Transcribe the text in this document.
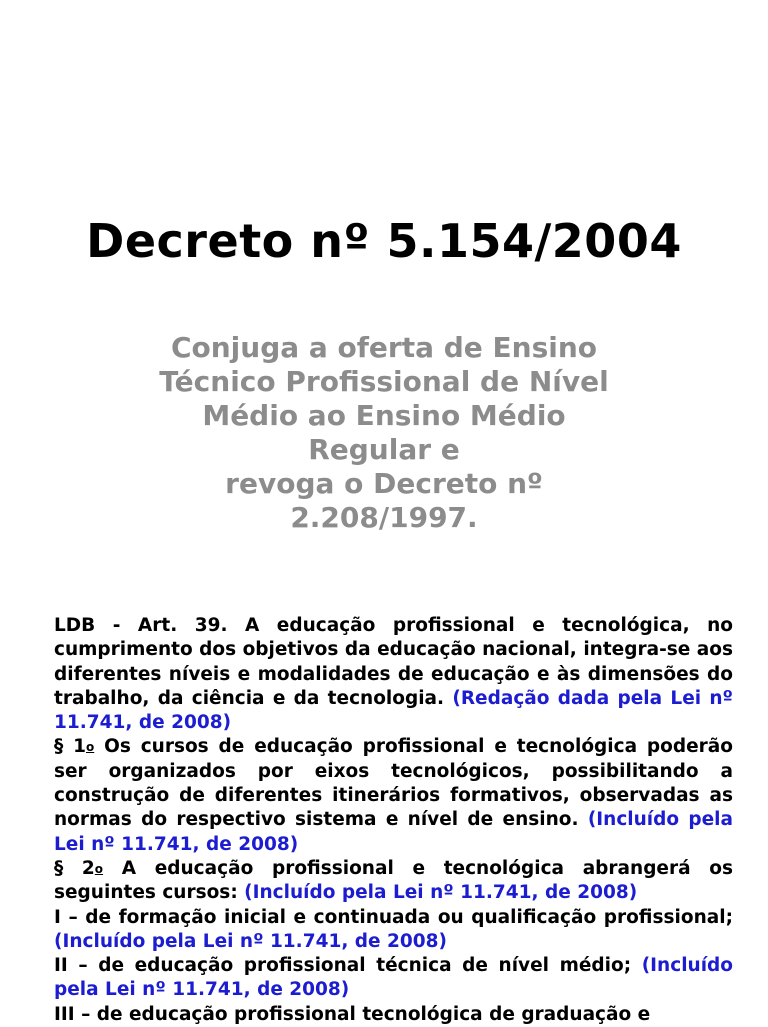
Decreto nº 5.154/2004
Conjuga a oferta de Ensino
Técnico Profissional de Nível
Médio ao Ensino Médio
Regular e
revoga o Decreto nº
2.208/1997.

LDB - Art. 39. A educação profissional e tecnológica, no cumprimento dos objetivos da educação nacional, integra-se aos diferentes níveis e modalidades de educação e às dimensões do trabalho, da ciência e da tecnologia. (Redação dada pela Lei nº 11.741, de 2008)

§ 1$^o$ Os cursos de educação profissional e tecnológica poderão ser organizados por eixos tecnológicos, possibilitando a construção de diferentes itinerários formativos, observadas as normas do respectivo sistema e nível de ensino. (Incluído pela Lei nº 11.741, de 2008)

§ 2$^o$ A educação profissional e tecnológica abrangerá os seguintes cursos: (Incluído pela Lei nº 11.741, de 2008)

I – de formação inicial e continuada ou qualificação profissional; (Incluído pela Lei nº 11.741, de 2008)

II – de educação profissional técnica de nível médio; (Incluído pela Lei nº 11.741, de 2008)

III – de educação profissional tecnológica de graduação e
